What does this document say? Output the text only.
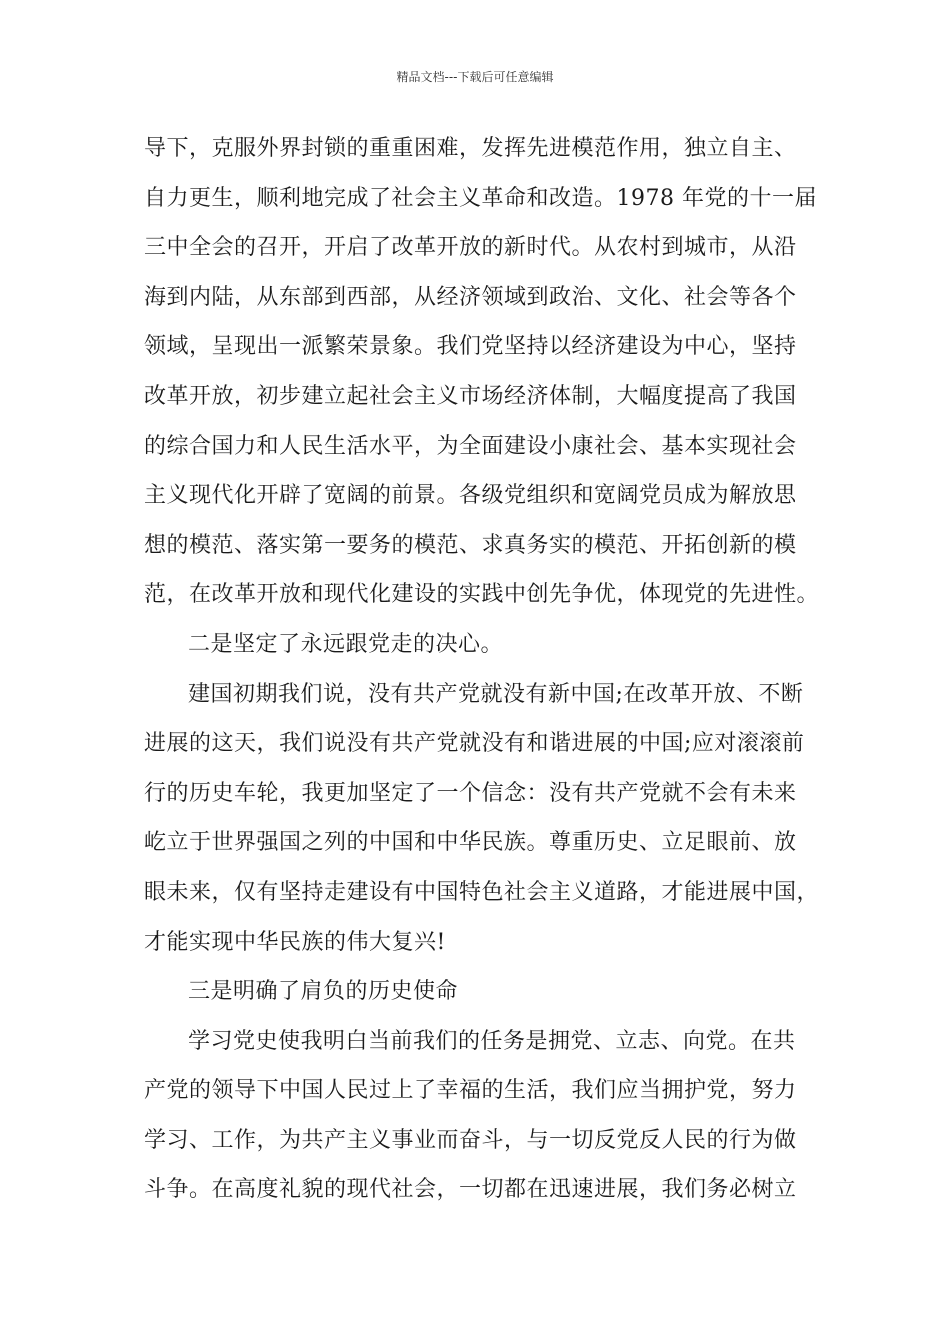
精品文档---下载后可任意编辑
导下，克服外界封锁的重重困难，发挥先进模范作用，独立自主、
自力更生，顺利地完成了社会主义革命和改造。1978 年党的十一届
三中全会的召开，开启了改革开放的新时代。从农村到城市，从沿
海到内陆，从东部到西部，从经济领域到政治、文化、社会等各个
领域，呈现出一派繁荣景象。我们党坚持以经济建设为中心，坚持
改革开放，初步建立起社会主义市场经济体制，大幅度提高了我国
的综合国力和人民生活水平，为全面建设小康社会、基本实现社会
主义现代化开辟了宽阔的前景。各级党组织和宽阔党员成为解放思
想的模范、落实第一要务的模范、求真务实的模范、开拓创新的模
范，在改革开放和现代化建设的实践中创先争优，体现党的先进性。
二是坚定了永远跟党走的决心。
建国初期我们说，没有共产党就没有新中国;在改革开放、不断
进展的这天，我们说没有共产党就没有和谐进展的中国;应对滚滚前
行的历史车轮，我更加坚定了一个信念：没有共产党就不会有未来
屹立于世界强国之列的中国和中华民族。尊重历史、立足眼前、放
眼未来，仅有坚持走建设有中国特色社会主义道路，才能进展中国，
才能实现中华民族的伟大复兴!
三是明确了肩负的历史使命
学习党史使我明白当前我们的任务是拥党、立志、向党。在共
产党的领导下中国人民过上了幸福的生活，我们应当拥护党，努力
学习、工作，为共产主义事业而奋斗，与一切反党反人民的行为做
斗争。在高度礼貌的现代社会，一切都在迅速进展，我们务必树立
